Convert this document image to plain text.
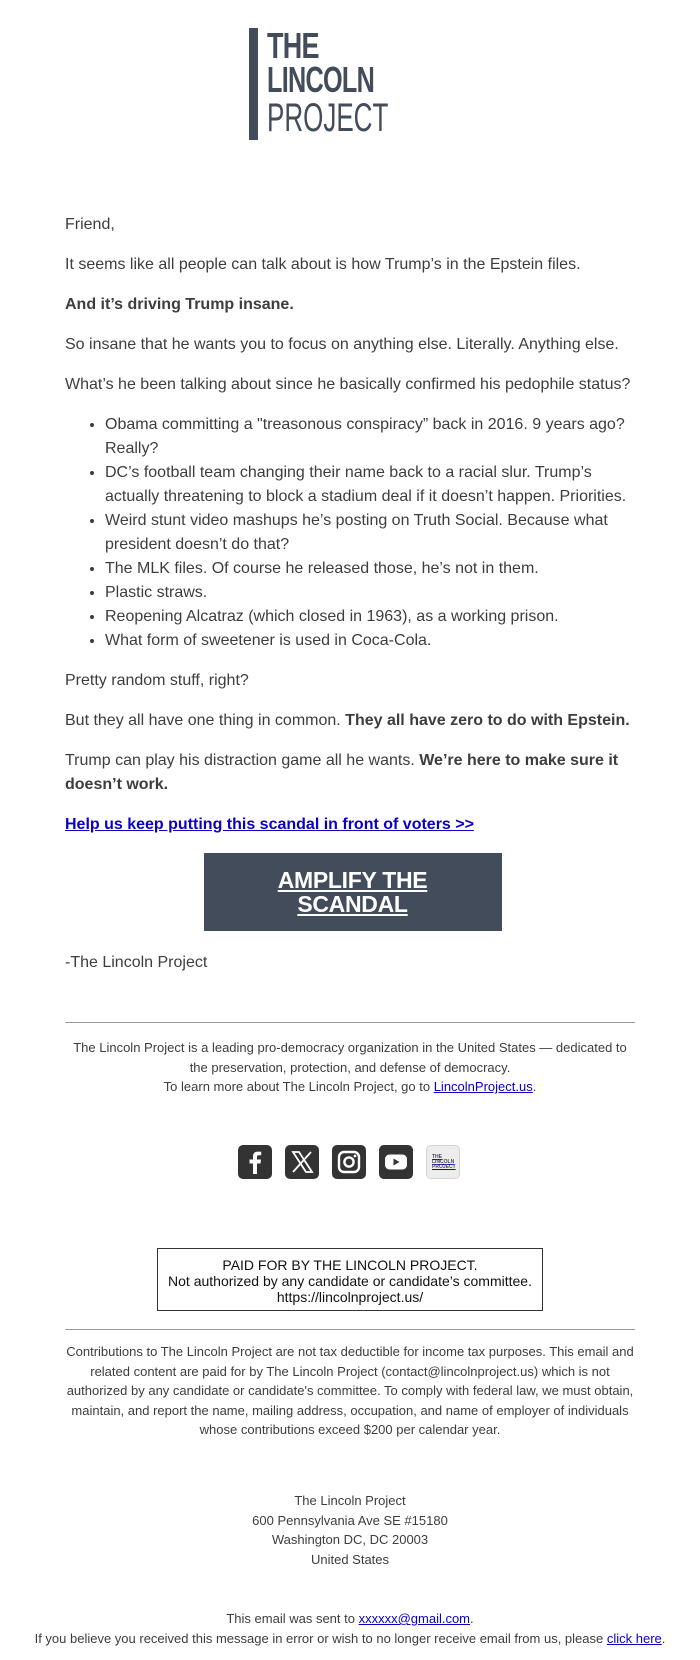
THE
LINCOLN
PROJECT

Friend,

It seems like all people can talk about is how Trump’s in the Epstein files.

And it’s driving Trump insane.

So insane that he wants you to focus on anything else. Literally. Anything else.

What’s he been talking about since he basically confirmed his pedophile status?

• Obama committing a "treasonous conspiracy” back in 2016. 9 years ago? Really?
• DC’s football team changing their name back to a racial slur. Trump’s actually threatening to block a stadium deal if it doesn’t happen. Priorities.
• Weird stunt video mashups he’s posting on Truth Social. Because what president doesn’t do that?
• The MLK files. Of course he released those, he’s not in them.
• Plastic straws.
• Reopening Alcatraz (which closed in 1963), as a working prison.
• What form of sweetener is used in Coca-Cola.

Pretty random stuff, right?

But they all have one thing in common. They all have zero to do with Epstein.

Trump can play his distraction game all he wants. We’re here to make sure it doesn’t work.

Help us keep putting this scandal in front of voters >>

AMPLIFY THE SCANDAL

-The Lincoln Project

The Lincoln Project is a leading pro-democracy organization in the United States — dedicated to the preservation, protection, and defense of democracy.
To learn more about The Lincoln Project, go to LincolnProject.us.
THE
LINCOLN
PROJECT
PAID FOR BY THE LINCOLN PROJECT.
Not authorized by any candidate or candidate’s committee.
https://lincolnproject.us/
Contributions to The Lincoln Project are not tax deductible for income tax purposes. This email and related content are paid for by The Lincoln Project (contact@lincolnproject.us) which is not authorized by any candidate or candidate's committee. To comply with federal law, we must obtain, maintain, and report the name, mailing address, occupation, and name of employer of individuals whose contributions exceed $200 per calendar year.
The Lincoln Project
600 Pennsylvania Ave SE #15180
Washington DC, DC 20003
United States
This email was sent to xxxxxx@gmail.com.
If you believe you received this message in error or wish to no longer receive email from us, please click here.
